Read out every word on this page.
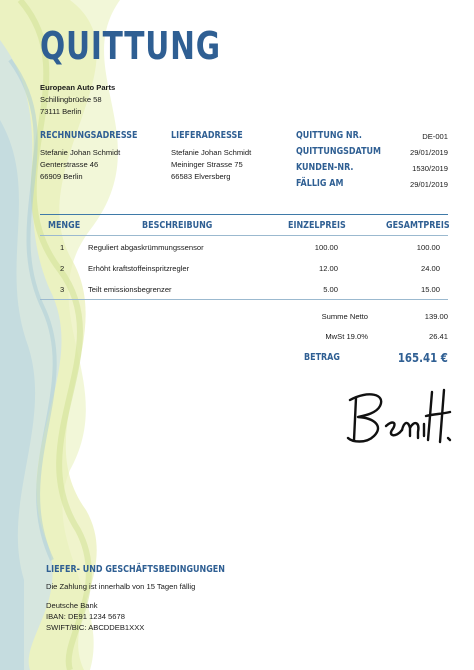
QUITTUNG
European Auto Parts
Schillingbrücke 58
73111 Berlin
RECHNUNGSADRESSE
Stefanie Johan Schmidt
Genterstrasse 46
66909 Berlin
LIEFERADRESSE
Stefanie Johan Schmidt
Meininger Strasse 75
66583 Elversberg
QUITTUNG NR.	DE-001
QUITTUNGSDATUM	29/01/2019
KUNDEN-NR.	1530/2019
FÄLLIG AM	29/01/2019
MENGE	BESCHREIBUNG	EINZELPREIS	GESAMTPREIS
1	Reguliert abgaskrümmungssensor	100.00	100.00
2	Erhöht kraftstoffeinspritzregler	12.00	24.00
3	Teilt emissionsbegrenzer	5.00	15.00
Summe Netto	139.00
MwSt 19.0%	26.41
BETRAG	165.41 €
LIEFER- UND GESCHÄFTSBEDINGUNGEN
Die Zahlung ist innerhalb von 15 Tagen fällig
Deutsche Bank
IBAN: DE91 1234 5678
SWIFT/BIC: ABCDDEB1XXX
